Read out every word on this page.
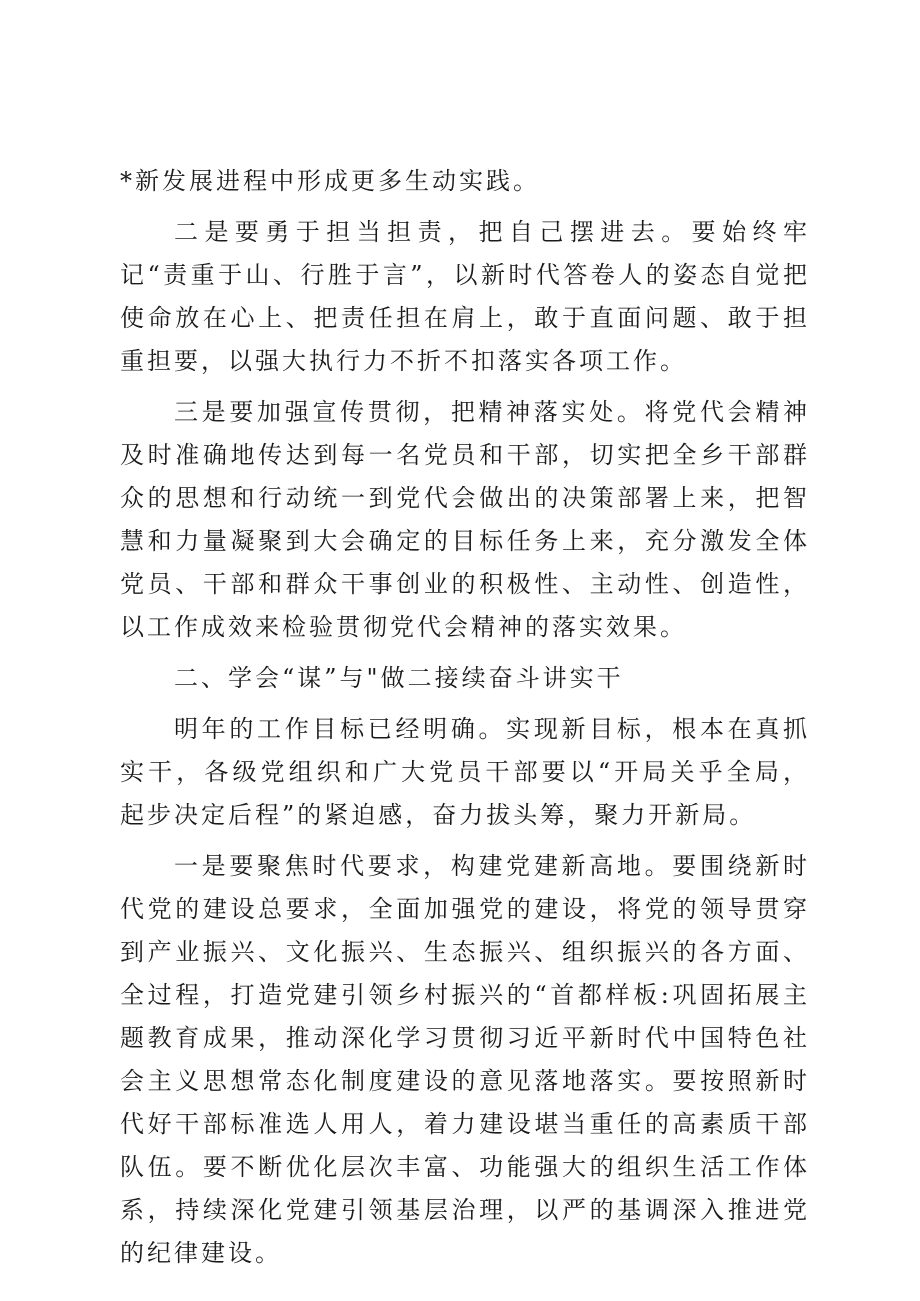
*新发展进程中形成更多生动实践。

二是要勇于担当担责，把自己摆进去。要始终牢记“责重于山、行胜于言”，以新时代答卷人的姿态自觉把使命放在心上、把责任担在肩上，敢于直面问题、敢于担重担要，以强大执行力不折不扣落实各项工作。

三是要加强宣传贯彻，把精神落实处。将党代会精神及时准确地传达到每一名党员和干部，切实把全乡干部群众的思想和行动统一到党代会做出的决策部署上来，把智慧和力量凝聚到大会确定的目标任务上来，充分激发全体党员、干部和群众干事创业的积极性、主动性、创造性，以工作成效来检验贯彻党代会精神的落实效果。

二、学会“谋”与"做二接续奋斗讲实干

明年的工作目标已经明确。实现新目标，根本在真抓实干，各级党组织和广大党员干部要以“开局关乎全局，起步决定后程”的紧迫感，奋力拔头筹，聚力开新局。

一是要聚焦时代要求，构建党建新高地。要围绕新时代党的建设总要求，全面加强党的建设，将党的领导贯穿到产业振兴、文化振兴、生态振兴、组织振兴的各方面、全过程，打造党建引领乡村振兴的“首都样板:巩固拓展主题教育成果，推动深化学习贯彻习近平新时代中国特色社会主义思想常态化制度建设的意见落地落实。要按照新时代好干部标准选人用人，着力建设堪当重任的高素质干部队伍。要不断优化层次丰富、功能强大的组织生活工作体系，持续深化党建引领基层治理，以严的基调深入推进党的纪律建设。
